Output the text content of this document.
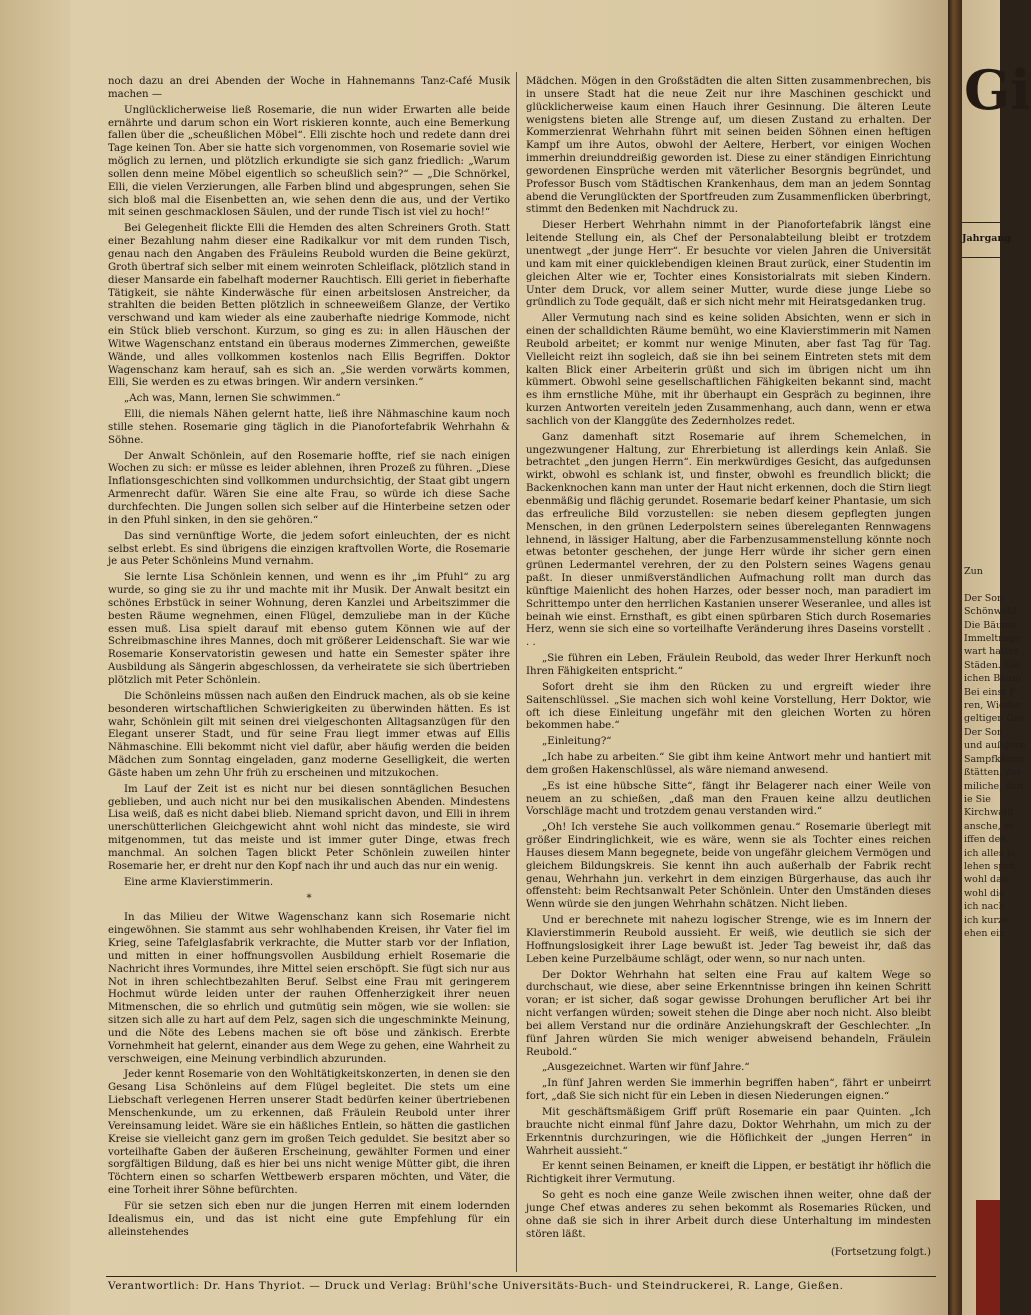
noch dazu an drei Abenden der Woche in Hahnemanns Tanz-Café Musik machen —

Unglücklicherweise ließ Rosemarie, die nun wider Erwarten alle beide ernährte und darum schon ein Wort riskieren konnte, auch eine Bemerkung fallen über die „scheußlichen Möbel“. Elli zischte hoch und redete dann drei Tage keinen Ton. Aber sie hatte sich vorgenommen, von Rosemarie soviel wie möglich zu lernen, und plötzlich erkundigte sie sich ganz friedlich: „Warum sollen denn meine Möbel eigentlich so scheußlich sein?“ — „Die Schnörkel, Elli, die vielen Verzierungen, alle Farben blind und abgesprungen, sehen Sie sich bloß mal die Eisenbetten an, wie sehen denn die aus, und der Vertiko mit seinen geschmacklosen Säulen, und der runde Tisch ist viel zu hoch!“

Bei Gelegenheit flickte Elli die Hemden des alten Schreiners Groth. Statt einer Bezahlung nahm dieser eine Radikalkur vor mit dem runden Tisch, genau nach den Angaben des Fräuleins Reubold wurden die Beine gekürzt, Groth übertraf sich selber mit einem weinroten Schleiflack, plötzlich stand in dieser Mansarde ein fabelhaft moderner Rauchtisch. Elli geriet in fieberhafte Tätigkeit, sie nähte Kinderwäsche für einen arbeitslosen Anstreicher, da strahlten die beiden Betten plötzlich in schneeweißem Glanze, der Vertiko verschwand und kam wieder als eine zauberhafte niedrige Kommode, nicht ein Stück blieb verschont. Kurzum, so ging es zu: in allen Häuschen der Witwe Wagenschanz entstand ein überaus modernes Zimmerchen, geweißte Wände, und alles vollkommen kostenlos nach Ellis Begriffen. Doktor Wagenschanz kam herauf, sah es sich an. „Sie werden vorwärts kommen, Elli, Sie werden es zu etwas bringen. Wir andern versinken.“

„Ach was, Mann, lernen Sie schwimmen.“

Elli, die niemals Nähen gelernt hatte, ließ ihre Nähmaschine kaum noch stille stehen. Rosemarie ging täglich in die Pianofortefabrik Wehrhahn & Söhne.

Der Anwalt Schönlein, auf den Rosemarie hoffte, rief sie nach einigen Wochen zu sich: er müsse es leider ablehnen, ihren Prozeß zu führen. „Diese Inflationsgeschichten sind vollkommen undurchsichtig, der Staat gibt ungern Armenrecht dafür. Wären Sie eine alte Frau, so würde ich diese Sache durchfechten. Die Jungen sollen sich selber auf die Hinterbeine setzen oder in den Pfuhl sinken, in den sie gehören.“

Das sind vernünftige Worte, die jedem sofort einleuchten, der es nicht selbst erlebt. Es sind übrigens die einzigen kraftvollen Worte, die Rosemarie je aus Peter Schönleins Mund vernahm.

Sie lernte Lisa Schönlein kennen, und wenn es ihr „im Pfuhl“ zu arg wurde, so ging sie zu ihr und machte mit ihr Musik. Der Anwalt besitzt ein schönes Erbstück in seiner Wohnung, deren Kanzlei und Arbeitszimmer die besten Räume wegnehmen, einen Flügel, demzuliebe man in der Küche essen muß. Lisa spielt darauf mit ebenso gutem Können wie auf der Schreibmaschine ihres Mannes, doch mit größerer Leidenschaft. Sie war wie Rosemarie Konservatoristin gewesen und hatte ein Semester später ihre Ausbildung als Sängerin abgeschlossen, da verheiratete sie sich übertrieben plötzlich mit Peter Schönlein.

Die Schönleins müssen nach außen den Eindruck machen, als ob sie keine besonderen wirtschaftlichen Schwierigkeiten zu überwinden hätten. Es ist wahr, Schönlein gilt mit seinen drei vielgeschonten Alltagsanzügen für den Elegant unserer Stadt, und für seine Frau liegt immer etwas auf Ellis Nähmaschine. Elli bekommt nicht viel dafür, aber häufig werden die beiden Mädchen zum Sonntag eingeladen, ganz moderne Geselligkeit, die werten Gäste haben um zehn Uhr früh zu erscheinen und mitzukochen.

Im Lauf der Zeit ist es nicht nur bei diesen sonntäglichen Besuchen geblieben, und auch nicht nur bei den musikalischen Abenden. Mindestens Lisa weiß, daß es nicht dabei blieb. Niemand spricht davon, und Elli in ihrem unerschütterlichen Gleichgewicht ahnt wohl nicht das mindeste, sie wird mitgenommen, tut das meiste und ist immer guter Dinge, etwas frech manchmal. An solchen Tagen blickt Peter Schönlein zuweilen hinter Rosemarie her, er dreht nur den Kopf nach ihr und auch das nur ein wenig.

Eine arme Klavierstimmerin.

*

In das Milieu der Witwe Wagenschanz kann sich Rosemarie nicht eingewöhnen. Sie stammt aus sehr wohlhabenden Kreisen, ihr Vater fiel im Krieg, seine Tafelglasfabrik verkrachte, die Mutter starb vor der Inflation, und mitten in einer hoffnungsvollen Ausbildung erhielt Rosemarie die Nachricht ihres Vormundes, ihre Mittel seien erschöpft. Sie fügt sich nur aus Not in ihren schlechtbezahlten Beruf. Selbst eine Frau mit geringerem Hochmut würde leiden unter der rauhen Offenherzigkeit ihrer neuen Mitmenschen, die so ehrlich und gutmütig sein mögen, wie sie wollen: sie sitzen sich alle zu hart auf dem Pelz, sagen sich die ungeschminkte Meinung, und die Nöte des Lebens machen sie oft böse und zänkisch. Ererbte Vornehmheit hat gelernt, einander aus dem Wege zu gehen, eine Wahrheit zu verschweigen, eine Meinung verbindlich abzurunden.

Jeder kennt Rosemarie von den Wohltätigkeitskonzerten, in denen sie den Gesang Lisa Schönleins auf dem Flügel begleitet. Die stets um eine Liebschaft verlegenen Herren unserer Stadt bedürfen keiner übertriebenen Menschenkunde, um zu erkennen, daß Fräulein Reubold unter ihrer Vereinsamung leidet. Wäre sie ein häßliches Entlein, so hätten die gastlichen Kreise sie vielleicht ganz gern im großen Teich geduldet. Sie besitzt aber so vorteilhafte Gaben der äußeren Erscheinung, gewählter Formen und einer sorgfältigen Bildung, daß es hier bei uns nicht wenige Mütter gibt, die ihren Töchtern einen so scharfen Wettbewerb ersparen möchten, und Väter, die eine Torheit ihrer Söhne befürchten.

Für sie setzen sich eben nur die jungen Herren mit einem lodernden Idealismus ein, und das ist nicht eine gute Empfehlung für ein alleinstehendes

Mädchen. Mögen in den Großstädten die alten Sitten zusammenbrechen, bis in unsere Stadt hat die neue Zeit nur ihre Maschinen geschickt und glücklicherweise kaum einen Hauch ihrer Gesinnung. Die älteren Leute wenigstens bieten alle Strenge auf, um diesen Zustand zu erhalten. Der Kommerzienrat Wehrhahn führt mit seinen beiden Söhnen einen heftigen Kampf um ihre Autos, obwohl der Aeltere, Herbert, vor einigen Wochen immerhin dreiunddreißig geworden ist. Diese zu einer ständigen Einrichtung gewordenen Einsprüche werden mit väterlicher Besorgnis begründet, und Professor Busch vom Städtischen Krankenhaus, dem man an jedem Sonntag abend die Verunglückten der Sportfreuden zum Zusammenflicken überbringt, stimmt den Bedenken mit Nachdruck zu.

Dieser Herbert Wehrhahn nimmt in der Pianofortefabrik längst eine leitende Stellung ein, als Chef der Personalabteilung bleibt er trotzdem unentwegt „der junge Herr“. Er besuchte vor vielen Jahren die Universität und kam mit einer quicklebendigen kleinen Braut zurück, einer Studentin im gleichen Alter wie er, Tochter eines Konsistorialrats mit sieben Kindern. Unter dem Druck, vor allem seiner Mutter, wurde diese junge Liebe so gründlich zu Tode gequält, daß er sich nicht mehr mit Heiratsgedanken trug.

Aller Vermutung nach sind es keine soliden Absichten, wenn er sich in einen der schalldichten Räume bemüht, wo eine Klavierstimmerin mit Namen Reubold arbeitet; er kommt nur wenige Minuten, aber fast Tag für Tag. Vielleicht reizt ihn sogleich, daß sie ihn bei seinem Eintreten stets mit dem kalten Blick einer Arbeiterin grüßt und sich im übrigen nicht um ihn kümmert. Obwohl seine gesellschaftlichen Fähigkeiten bekannt sind, macht es ihm ernstliche Mühe, mit ihr überhaupt ein Gespräch zu beginnen, ihre kurzen Antworten vereiteln jeden Zusammenhang, auch dann, wenn er etwa sachlich von der Klanggüte des Zedernholzes redet.

Ganz damenhaft sitzt Rosemarie auf ihrem Schemelchen, in ungezwungener Haltung, zur Ehrerbietung ist allerdings kein Anlaß. Sie betrachtet „den jungen Herrn“. Ein merkwürdiges Gesicht, das aufgedunsen wirkt, obwohl es schlank ist, und finster, obwohl es freundlich blickt; die Backenknochen kann man unter der Haut nicht erkennen, doch die Stirn liegt ebenmäßig und flächig gerundet. Rosemarie bedarf keiner Phantasie, um sich das erfreuliche Bild vorzustellen: sie neben diesem gepflegten jungen Menschen, in den grünen Lederpolstern seines übereleganten Rennwagens lehnend, in lässiger Haltung, aber die Farbenzusammenstellung könnte noch etwas betonter geschehen, der junge Herr würde ihr sicher gern einen grünen Ledermantel verehren, der zu den Polstern seines Wagens genau paßt. In dieser unmißverständlichen Aufmachung rollt man durch das künftige Maienlicht des hohen Harzes, oder besser noch, man paradiert im Schrittempo unter den herrlichen Kastanien unserer Weseranlee, und alles ist beinah wie einst. Ernsthaft, es gibt einen spürbaren Stich durch Rosemaries Herz, wenn sie sich eine so vorteilhafte Veränderung ihres Daseins vorstellt . . .

„Sie führen ein Leben, Fräulein Reubold, das weder Ihrer Herkunft noch Ihren Fähigkeiten entspricht.“

Sofort dreht sie ihm den Rücken zu und ergreift wieder ihre Saitenschlüssel. „Sie machen sich wohl keine Vorstellung, Herr Doktor, wie oft ich diese Einleitung ungefähr mit den gleichen Worten zu hören bekommen habe.“

„Einleitung?“

„Ich habe zu arbeiten.“ Sie gibt ihm keine Antwort mehr und hantiert mit dem großen Hakenschlüssel, als wäre niemand anwesend.

„Es ist eine hübsche Sitte“, fängt ihr Belagerer nach einer Weile von neuem an zu schießen, „daß man den Frauen keine allzu deutlichen Vorschläge macht und trotzdem genau verstanden wird.“

„Oh! Ich verstehe Sie auch vollkommen genau.“ Rosemarie überlegt mit größer Eindringlichkeit, wie es wäre, wenn sie als Tochter eines reichen Hauses diesem Mann begegnete, beide von ungefähr gleichem Vermögen und gleichem Bildungskreis. Sie kennt ihn auch außerhalb der Fabrik recht genau, Wehrhahn jun. verkehrt in dem einzigen Bürgerhause, das auch ihr offensteht: beim Rechtsanwalt Peter Schönlein. Unter den Umständen dieses Wenn würde sie den jungen Wehrhahn schätzen. Nicht lieben.

Und er berechnete mit nahezu logischer Strenge, wie es im Innern der Klavierstimmerin Reubold aussieht. Er weiß, wie deutlich sie sich der Hoffnungslosigkeit ihrer Lage bewußt ist. Jeder Tag beweist ihr, daß das Leben keine Purzelbäume schlägt, oder wenn, so nur nach unten.

Der Doktor Wehrhahn hat selten eine Frau auf kaltem Wege so durchschaut, wie diese, aber seine Erkenntnisse bringen ihn keinen Schritt voran; er ist sicher, daß sogar gewisse Drohungen beruflicher Art bei ihr nicht verfangen würden; soweit stehen die Dinge aber noch nicht. Also bleibt bei allem Verstand nur die ordinäre Anziehungskraft der Geschlechter. „In fünf Jahren würden Sie mich weniger abweisend behandeln, Fräulein Reubold.“

„Ausgezeichnet. Warten wir fünf Jahre.“

„In fünf Jahren werden Sie immerhin begriffen haben“, fährt er unbeirrt fort, „daß Sie sich nicht für ein Leben in diesen Niederungen eignen.“

Mit geschäftsmäßigem Griff prüft Rosemarie ein paar Quinten. „Ich brauchte nicht einmal fünf Jahre dazu, Doktor Wehrhahn, um mich zu der Erkenntnis durchzuringen, wie die Höflichkeit der „jungen Herren“ in Wahrheit aussieht.“

Er kennt seinen Beinamen, er kneift die Lippen, er bestätigt ihr höflich die Richtigkeit ihrer Vermutung.

So geht es noch eine ganze Weile zwischen ihnen weiter, ohne daß der junge Chef etwas anderes zu sehen bekommt als Rosemaries Rücken, und ohne daß sie sich in ihrer Arbeit durch diese Unterhaltung im mindesten stören läßt.

(Fortsetzung folgt.)

Verantwortlich: Dr. Hans Thyriot. — Druck und Verlag: Brühl'sche Universitäts-Buch- und Steindruckerei, R. Lange, Gießen.
Gi
Jahrgang
Zun

Der Son
Schönwald
Die Bäume
Immeltrage
wart hatter
Städen. Die
ichen Bäum
Bei einst F
ren, Wieder
geltigen Gre
Der Son
und außgere
Sampfkämm
ßtätten, der
miliche, den
ie Sie
Kirchwald
ansche, er
iffen den
ich alles ja
lehen sprä
wohl dan
wohl die
ich nach
ich kurze
ehen ein
